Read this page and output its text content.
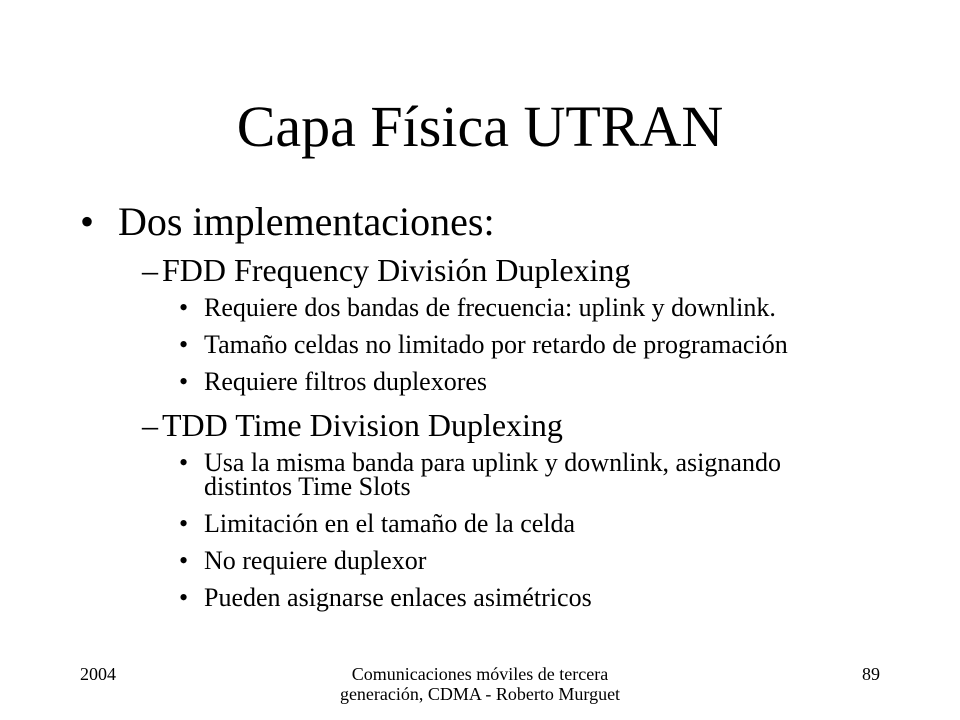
Capa Física UTRAN
• Dos implementaciones:
– FDD Frequency División Duplexing
• Requiere dos bandas de frecuencia: uplink y downlink.
• Tamaño celdas no limitado por retardo de programación
• Requiere filtros duplexores
– TDD Time Division Duplexing
• Usa la misma banda para uplink y downlink, asignando distintos Time Slots
• Limitación en el tamaño de la celda
• No requiere duplexor
• Pueden asignarse enlaces asimétricos
2004	Comunicaciones móviles de tercera generación, CDMA - Roberto Murguet
89
